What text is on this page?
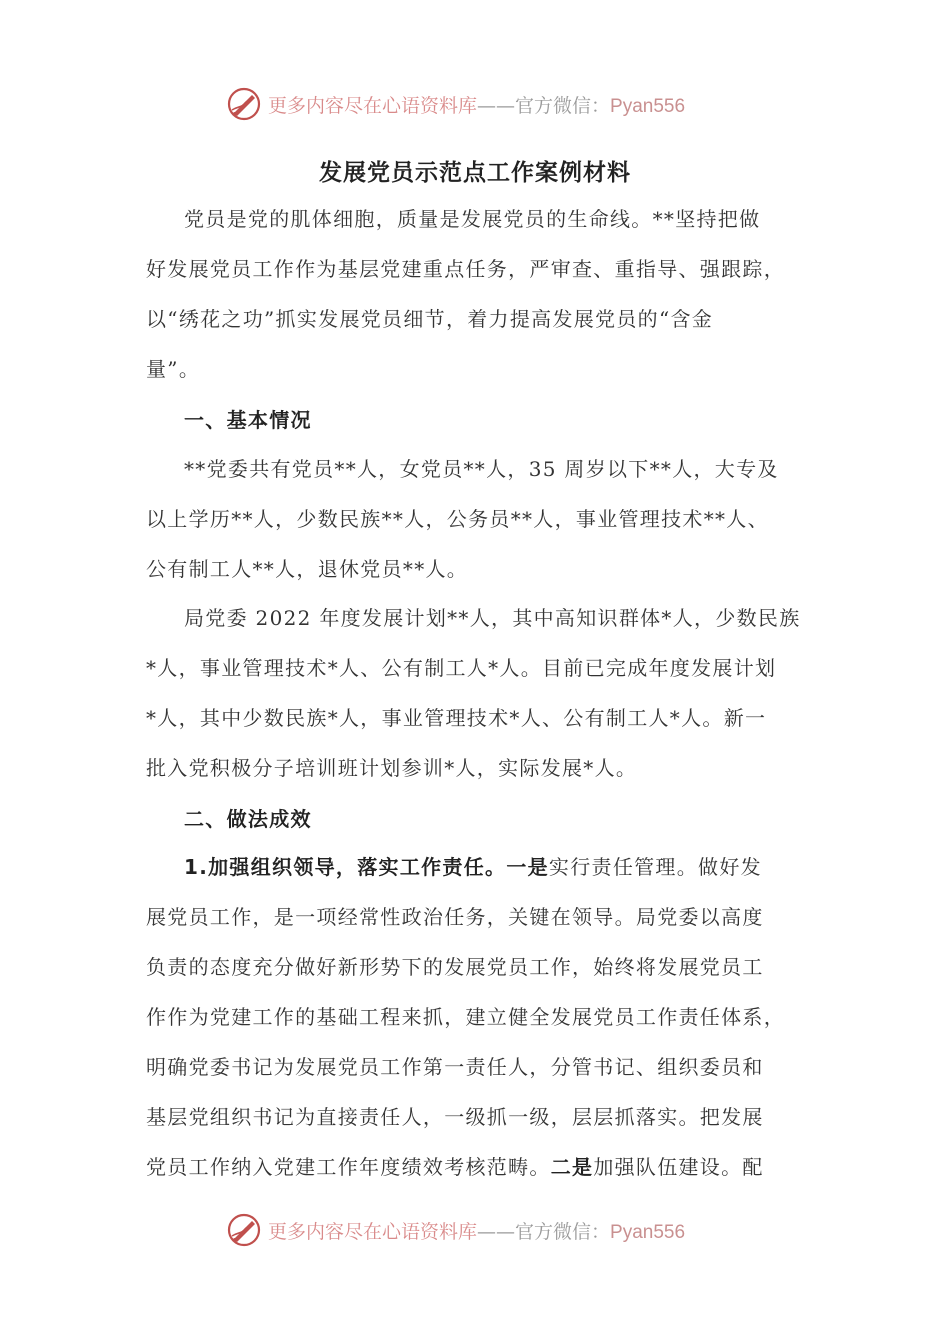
更多内容尽在心语资料库——官方微信：Pyan556
发展党员示范点工作案例材料
党员是党的肌体细胞，质量是发展党员的生命线。**坚持把做
好发展党员工作作为基层党建重点任务，严审查、重指导、强跟踪，
以“绣花之功”抓实发展党员细节，着力提高发展党员的“含金
量”。
一、基本情况
**党委共有党员**人，女党员**人，35 周岁以下**人，大专及
以上学历**人，少数民族**人，公务员**人，事业管理技术**人、
公有制工人**人，退休党员**人。
局党委 2022 年度发展计划**人，其中高知识群体*人，少数民族
*人，事业管理技术*人、公有制工人*人。目前已完成年度发展计划
*人，其中少数民族*人，事业管理技术*人、公有制工人*人。新一
批入党积极分子培训班计划参训*人，实际发展*人。
二、做法成效
1.加强组织领导，落实工作责任。一是实行责任管理。做好发
展党员工作，是一项经常性政治任务，关键在领导。局党委以高度
负责的态度充分做好新形势下的发展党员工作，始终将发展党员工
作作为党建工作的基础工程来抓，建立健全发展党员工作责任体系，
明确党委书记为发展党员工作第一责任人，分管书记、组织委员和
基层党组织书记为直接责任人，一级抓一级，层层抓落实。把发展
党员工作纳入党建工作年度绩效考核范畴。二是加强队伍建设。配
更多内容尽在心语资料库——官方微信：Pyan556
